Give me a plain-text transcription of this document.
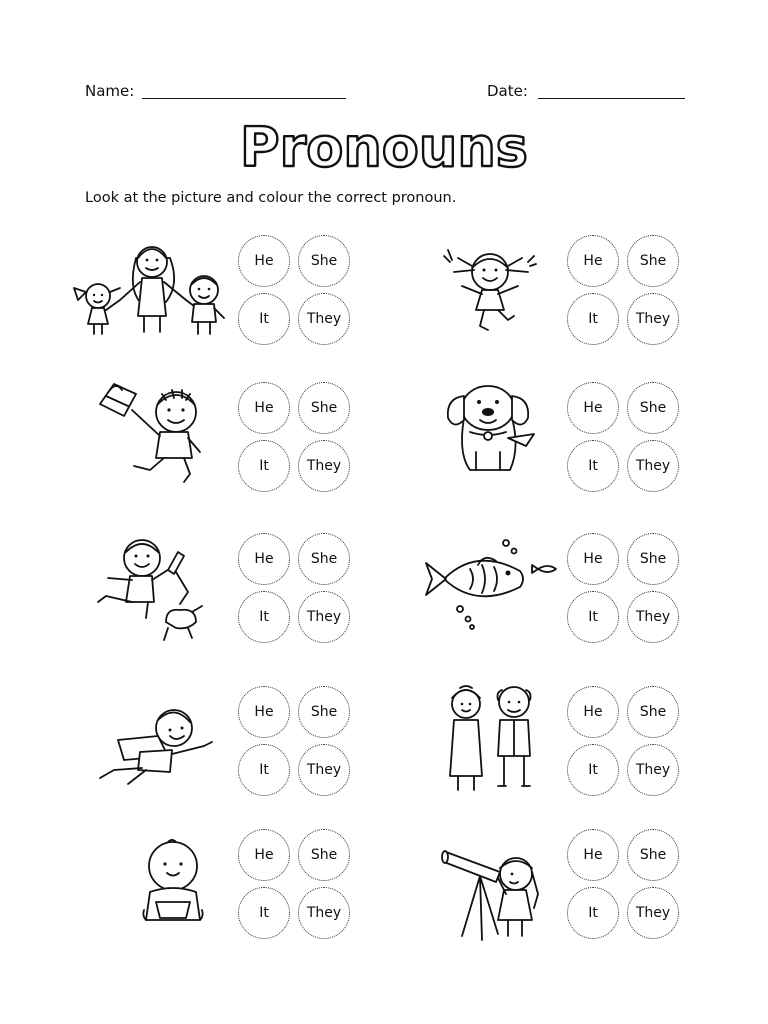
Name:	Date:
Pronouns
Look at the picture and colour the correct pronoun.
He	She
It	They
He	She
It	They
He	She
It	They
He	She
It	They
He	She
It	They
He	She
It	They
He	She
It	They
He	She
It	They
He	She
It	They
He	She
It	They
